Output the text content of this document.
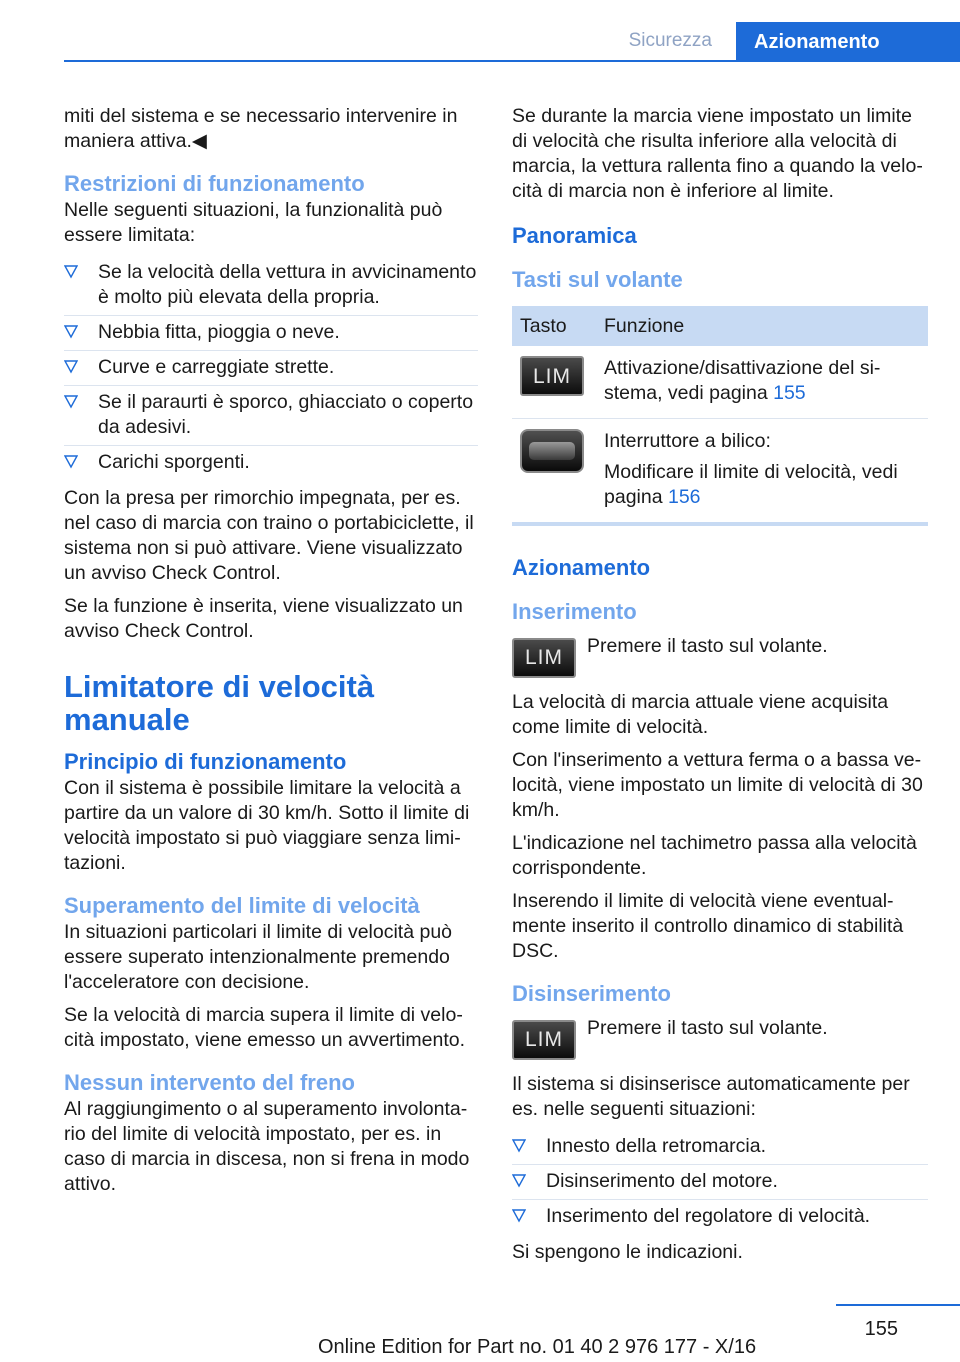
Sicurezza Azionamento

miti del sistema e se necessario intervenire in maniera attiva.◀

Restrizioni di funzionamento

Nelle seguenti situazioni, la funzionalità può essere limitata:

Se la velocità della vettura in avvicinamento è molto più elevata della propria.
Nebbia fitta, pioggia o neve.
Curve e carreggiate strette.
Se il paraurti è sporco, ghiacciato o coperto da adesivi.
Carichi sporgenti.

Con la presa per rimorchio impegnata, per es. nel caso di marcia con traino o portabiciclette, il sistema non si può attivare. Viene visualizzato un avviso Check Control.

Se la funzione è inserita, viene visualizzato un avviso Check Control.

Limitatore di velocità manuale
Principio di funzionamento

Con il sistema è possibile limitare la velocità a partire da un valore di 30 km/h. Sotto il limite di velocità impostato si può viaggiare senza limitazioni.

Superamento del limite di velocità

In situazioni particolari il limite di velocità può essere superato intenzionalmente premendo l'acceleratore con decisione.

Se la velocità di marcia supera il limite di velocità impostato, viene emesso un avvertimento.

Nessun intervento del freno

Al raggiungimento o al superamento involontario del limite di velocità impostato, per es. in caso di marcia in discesa, non si frena in modo attivo.

Se durante la marcia viene impostato un limite di velocità che risulta inferiore alla velocità di marcia, la vettura rallenta fino a quando la velocità di marcia non è inferiore al limite.

Panoramica
Tasti sul volante
Tasto	Funzione

LIM	Attivazione/disattivazione del sistema, vedi pagina 155

	Interruttore a bilico:

Modificare il limite di velocità, vedi pagina 156

Azionamento
Inserimento
LIM Premere il tasto sul volante.

La velocità di marcia attuale viene acquisita come limite di velocità.

Con l'inserimento a vettura ferma o a bassa velocità, viene impostato un limite di velocità di 30 km/h.

L'indicazione nel tachimetro passa alla velocità corrispondente.

Inserendo il limite di velocità viene eventualmente inserito il controllo dinamico di stabilità DSC.

Disinserimento
LIM Premere il tasto sul volante.

Il sistema si disinserisce automaticamente per es. nelle seguenti situazioni:

Innesto della retromarcia.
Disinserimento del motore.
Inserimento del regolatore di velocità.

Si spengono le indicazioni.

155
Online Edition for Part no. 01 40 2 976 177 - X/16
